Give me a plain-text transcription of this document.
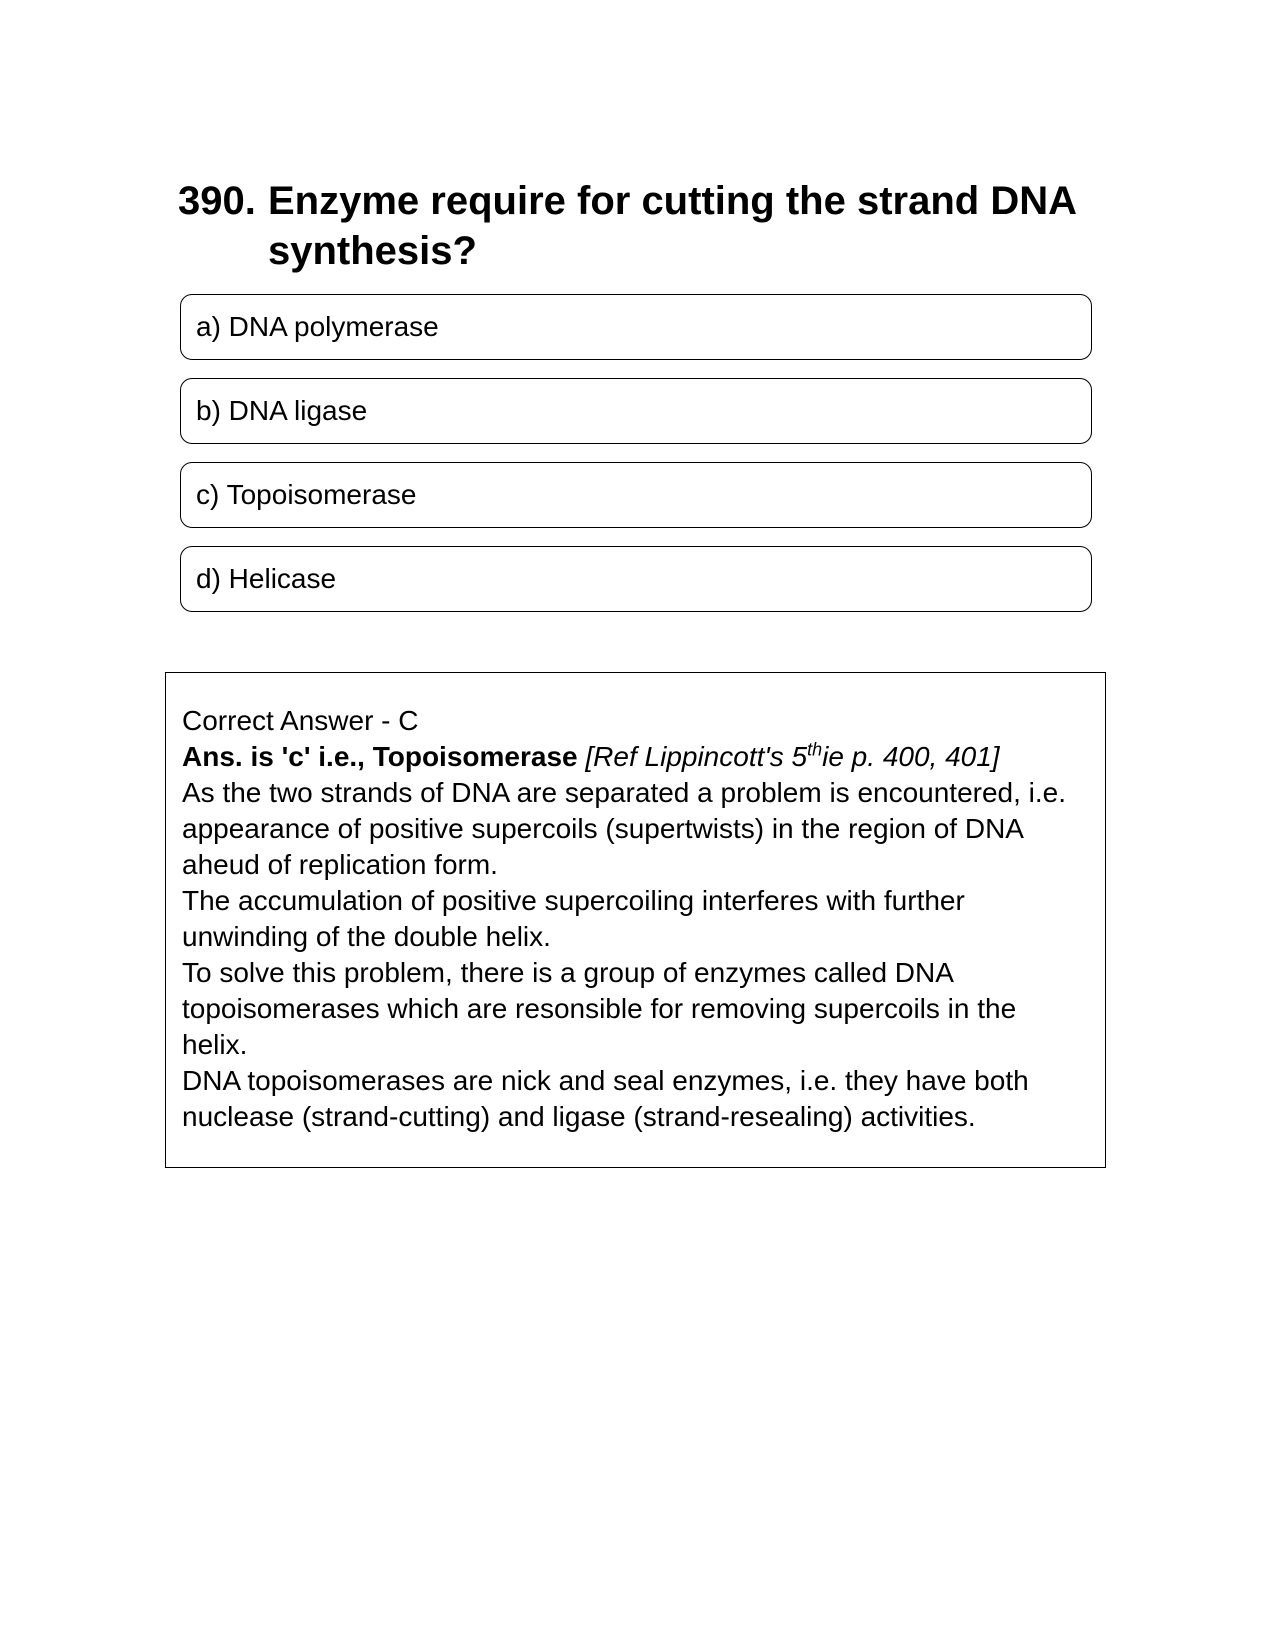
390. Enzyme require for cutting the strand DNA synthesis?
a) DNA polymerase
b) DNA ligase
c) Topoisomerase
d) Helicase

Correct Answer - C

Ans. is 'c' i.e., Topoisomerase [Ref Lippincott's 5thie p. 400, 401]

As the two strands of DNA are separated a problem is encountered, i.e. appearance of positive supercoils (supertwists) in the region of DNA aheud of replication form.

The accumulation of positive supercoiling interferes with further unwinding of the double helix.

To solve this problem, there is a group of enzymes called DNA topoisomerases which are resonsible for removing supercoils in the helix.

DNA topoisomerases are nick and seal enzymes, i.e. they have both nuclease (strand-cutting) and ligase (strand-resealing) activities.
